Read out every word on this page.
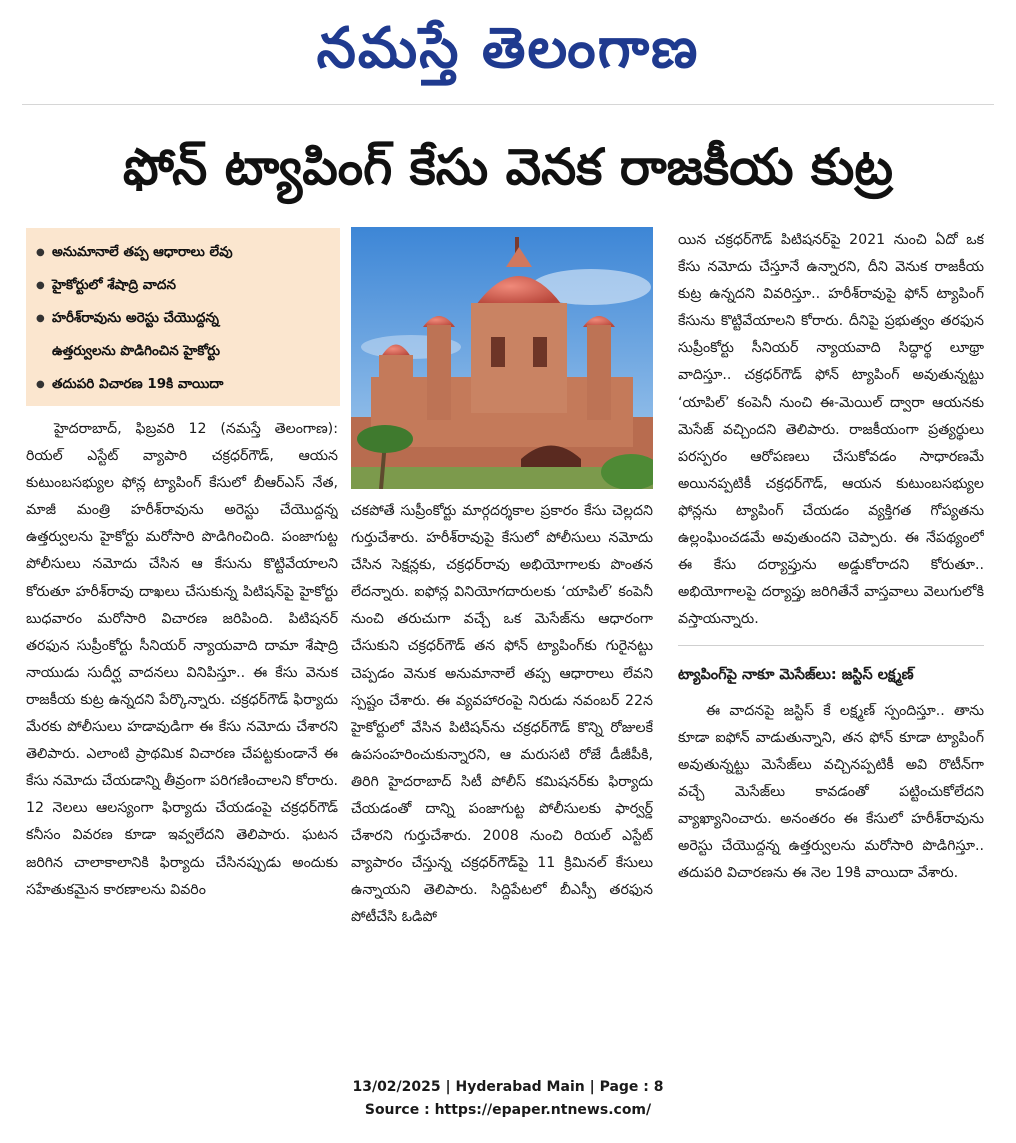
నమస్తే తెలంగాణ
ఫోన్ ట్యాపింగ్ కేసు వెనక రాజకీయ కుట్ర
● అనుమానాలే తప్ప ఆధారాలు లేవు
● హైకోర్టులో శేషాద్రి వాదన
● హరీశ్‌రావును అరెస్టు చేయొద్దన్న
ఉత్తర్వులను పొడిగించిన హైకోర్టు
● తదుపరి విచారణ 19కి వాయిదా

హైదరాబాద్, ఫిబ్రవరి 12 (నమస్తే తెలంగాణ): రియల్ ఎస్టేట్ వ్యాపారి చక్రధర్‌గౌడ్, ఆయన కుటుంబసభ్యుల ఫోన్ల ట్యాపింగ్ కేసులో బీఆర్‌ఎస్ నేత, మాజీ మంత్రి హరీశ్‌రావును అరెస్టు చేయొద్దన్న ఉత్తర్వులను హైకోర్టు మరోసారి పొడిగించింది. పంజాగుట్ట పోలీసులు నమోదు చేసిన ఆ కేసును కొట్టివేయాలని కోరుతూ హరీశ్‌రావు దాఖలు చేసుకున్న పిటిషన్‌పై హైకోర్టు బుధవారం మరోసారి విచారణ జరిపింది. పిటిషనర్ తరఫున సుప్రీంకోర్టు సీనియర్ న్యాయవాది దామా శేషాద్రి నాయుడు సుదీర్ఘ వాదనలు వినిపిస్తూ.. ఈ కేసు వెనుక రాజకీయ కుట్ర ఉన్నదని పేర్కొన్నారు. చక్రధర్‌గౌడ్ ఫిర్యాదు మేరకు పోలీసులు హడావుడిగా ఈ కేసు నమోదు చేశారని తెలిపారు. ఎలాంటి ప్రాథమిక విచారణ చేపట్టకుండానే ఈ కేసు నమోదు చేయడాన్ని తీవ్రంగా పరిగణించాలని కోరారు. 12 నెలలు ఆలస్యంగా ఫిర్యాదు చేయడంపై చక్రధర్‌గౌడ్ కనీసం వివరణ కూడా ఇవ్వలేదని తెలిపారు. ఘటన జరిగిన చాలాకాలానికి ఫిర్యాదు చేసినప్పుడు అందుకు సహేతుకమైన కారణాలను వివరిం

చకపోతే సుప్రీంకోర్టు మార్గదర్శకాల ప్రకారం కేసు చెల్లదని గుర్తుచేశారు. హరీశ్‌రావుపై కేసులో పోలీసులు నమోదు చేసిన సెక్షన్లకు, చక్రధర్‌రావు అభియోగాలకు పొంతన లేదన్నారు. ఐఫోన్ల వినియోగదారులకు ‘యాపిల్’ కంపెనీ నుంచి తరుచుగా వచ్చే ఒక మెసేజ్‌ను ఆధారంగా చేసుకుని చక్రధర్‌గౌడ్ తన ఫోన్ ట్యాపింగ్‌కు గురైనట్టు చెప్పడం వెనుక అనుమానాలే తప్ప ఆధారాలు లేవని స్పష్టం చేశారు. ఈ వ్యవహారంపై నిరుడు నవంబర్ 22న హైకోర్టులో వేసిన పిటిషన్‌ను చక్రధర్‌గౌడ్ కొన్ని రోజులకే ఉపసంహరించుకున్నారని, ఆ మరుసటి రోజే డీజీపీకి, తిరిగి హైదరాబాద్ సిటీ పోలీస్ కమిషనర్‌కు ఫిర్యాదు చేయడంతో దాన్ని పంజాగుట్ట పోలీసులకు ఫార్వర్డ్ చేశారని గుర్తుచేశారు. 2008 నుంచి రియల్ ఎస్టేట్ వ్యాపారం చేస్తున్న చక్రధర్‌గౌడ్‌పై 11 క్రిమినల్ కేసులు ఉన్నాయని తెలిపారు. సిద్దిపేటలో బీఎస్పీ తరఫున పోటీచేసి ఓడిపో

యిన చక్రధర్‌గౌడ్ పిటిషనర్‌పై 2021 నుంచి ఏదో ఒక కేసు నమోదు చేస్తూనే ఉన్నారని, దీని వెనుక రాజకీయ కుట్ర ఉన్నదని వివరిస్తూ.. హరీశ్‌రావుపై ఫోన్ ట్యాపింగ్ కేసును కొట్టివేయాలని కోరారు. దీనిపై ప్రభుత్వం తరఫున సుప్రీంకోర్టు సీనియర్ న్యాయవాది సిద్ధార్థ లూథ్రా వాదిస్తూ.. చక్రధర్‌గౌడ్ ఫోన్ ట్యాపింగ్ అవుతున్నట్టు ‘యాపిల్’ కంపెనీ నుంచి ఈ-మెయిల్ ద్వారా ఆయనకు మెసేజ్ వచ్చిందని తెలిపారు. రాజకీయంగా ప్రత్యర్థులు పరస్పరం ఆరోపణలు చేసుకోవడం సాధారణమే అయినప్పటికీ చక్రధర్‌గౌడ్, ఆయన కుటుంబసభ్యుల ఫోన్లను ట్యాపింగ్ చేయడం వ్యక్తిగత గోప్యతను ఉల్లంఘించడమే అవుతుందని చెప్పారు. ఈ నేపథ్యంలో ఈ కేసు దర్యాప్తును అడ్డుకోరాదని కోరుతూ.. అభియోగాలపై దర్యాప్తు జరిగితేనే వాస్తవాలు వెలుగులోకి వస్తాయన్నారు.

ట్యాపింగ్‌పై నాకూ మెసేజ్‌లు: జస్టిస్ లక్ష్మణ్

ఈ వాదనపై జస్టిస్ కే లక్ష్మణ్ స్పందిస్తూ.. తాను కూడా ఐఫోన్ వాడుతున్నాని, తన ఫోన్ కూడా ట్యాపింగ్ అవుతున్నట్టు మెసేజ్‌లు వచ్చినప్పటికీ అవి రొటీన్‌గా వచ్చే మెసేజ్‌లు కావడంతో పట్టించుకోలేదని వ్యాఖ్యానించారు. అనంతరం ఈ కేసులో హరీశ్‌రావును అరెస్టు చేయొద్దన్న ఉత్తర్వులను మరోసారి పొడిగిస్తూ.. తదుపరి విచారణను ఈ నెల 19కి వాయిదా వేశారు.

13/02/2025 | Hyderabad Main | Page : 8
Source : https://epaper.ntnews.com/
